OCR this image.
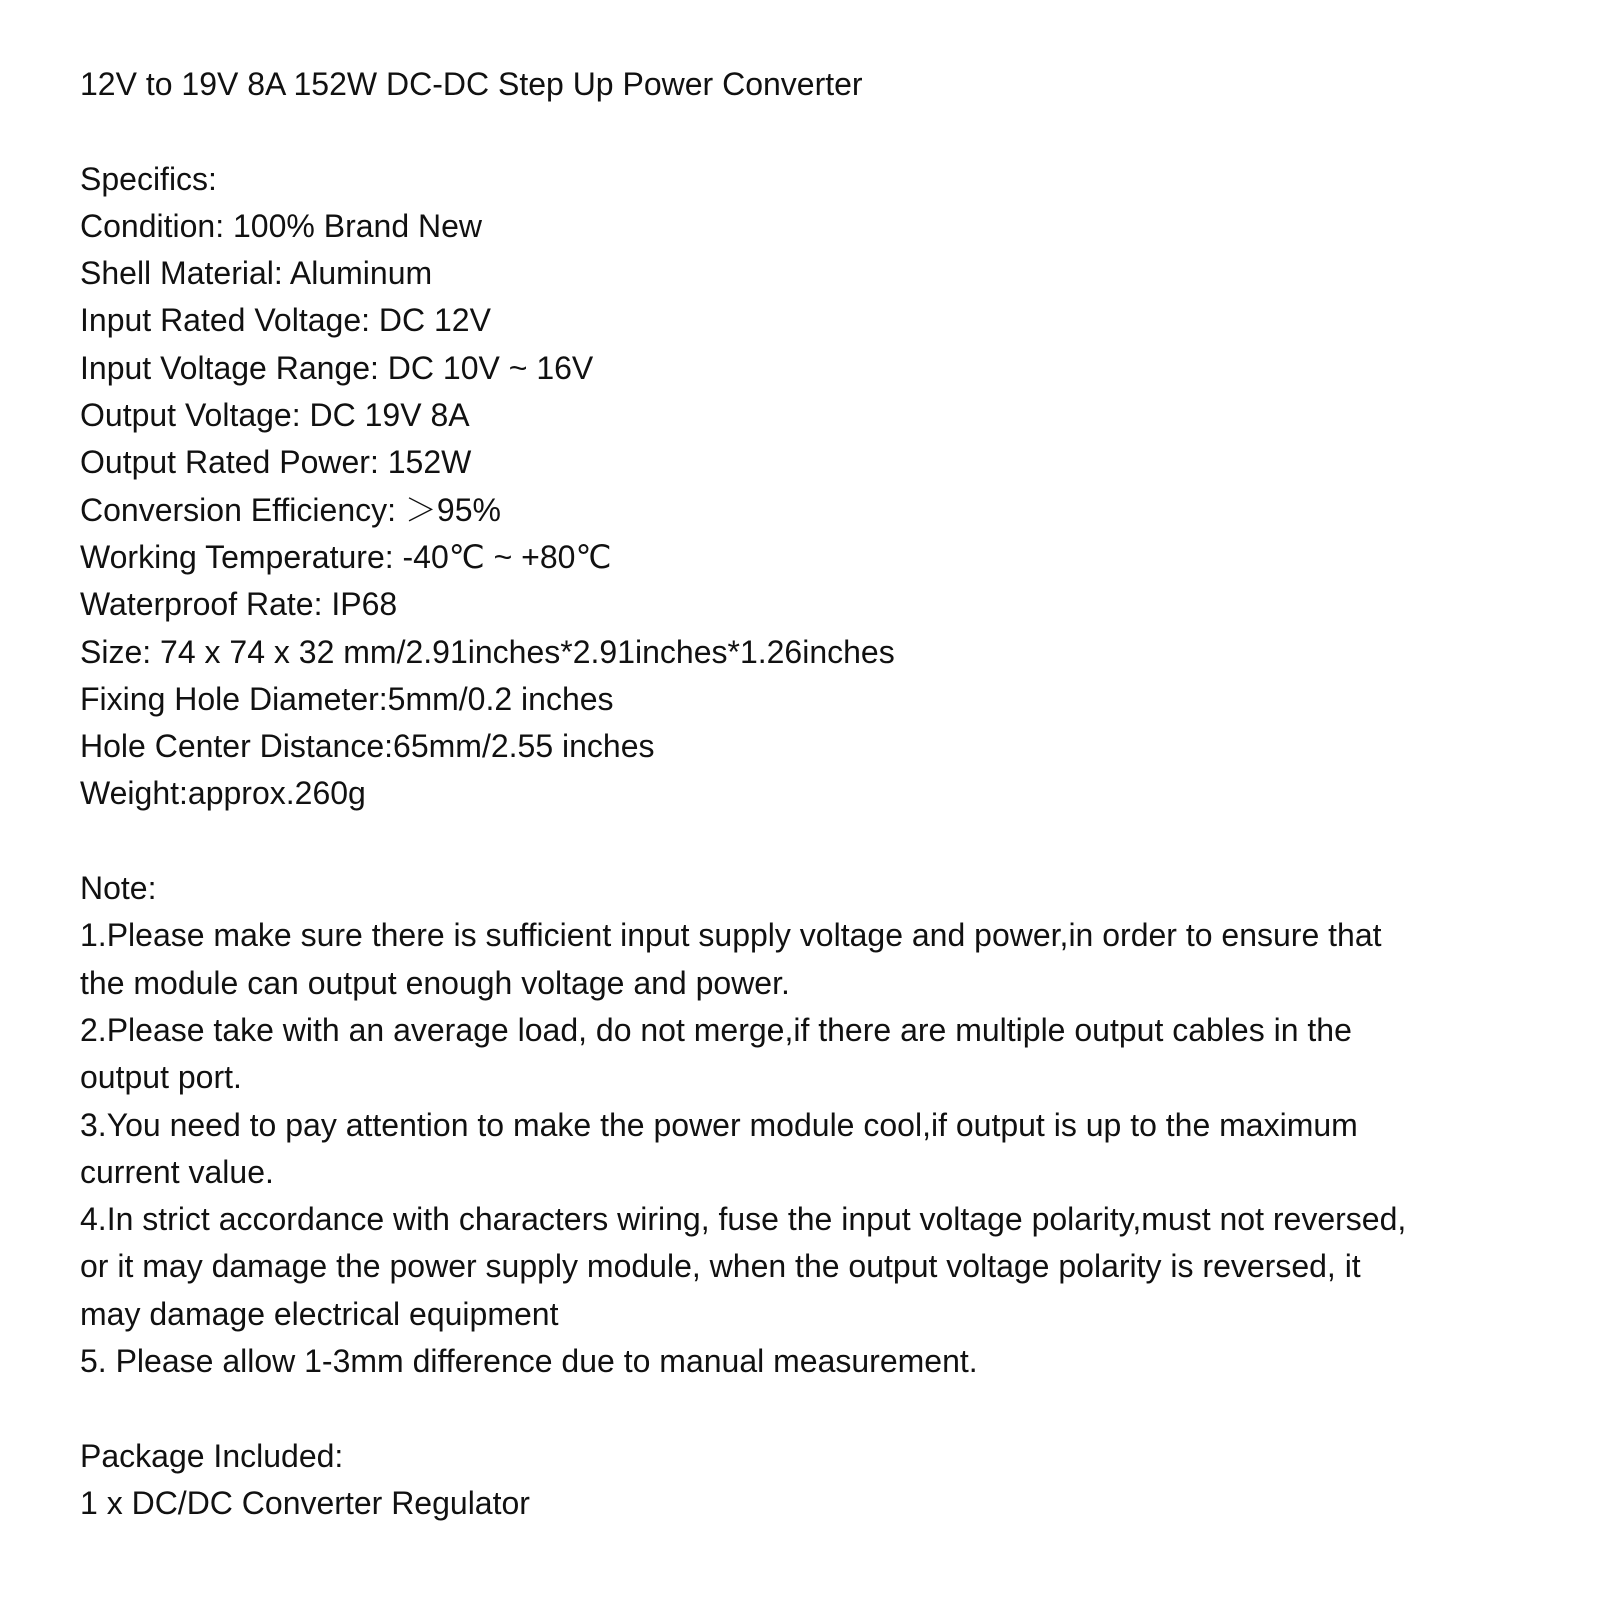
12V to 19V 8A 152W DC-DC Step Up Power Converter
Specifics:
Condition: 100% Brand New
Shell Material: Aluminum
Input Rated Voltage: DC 12V
Input Voltage Range: DC 10V ~ 16V
Output Voltage: DC 19V 8A
Output Rated Power: 152W
Conversion Efficiency: ＞95%
Working Temperature: -40℃ ~ +80℃
Waterproof Rate: IP68
Size: 74 x 74 x 32 mm/2.91inches*2.91inches*1.26inches
Fixing Hole Diameter:5mm/0.2 inches
Hole Center Distance:65mm/2.55 inches
Weight:approx.260g
Note:
1.Please make sure there is sufficient input supply voltage and power,in order to ensure that
the module can output enough voltage and power.
2.Please take with an average load, do not merge,if there are multiple output cables in the
output port.
3.You need to pay attention to make the power module cool,if output is up to the maximum
current value.
4.In strict accordance with characters wiring, fuse the input voltage polarity,must not reversed,
or it may damage the power supply module, when the output voltage polarity is reversed, it
may damage electrical equipment
5. Please allow 1-3mm difference due to manual measurement.
Package Included:
1 x DC/DC Converter Regulator
